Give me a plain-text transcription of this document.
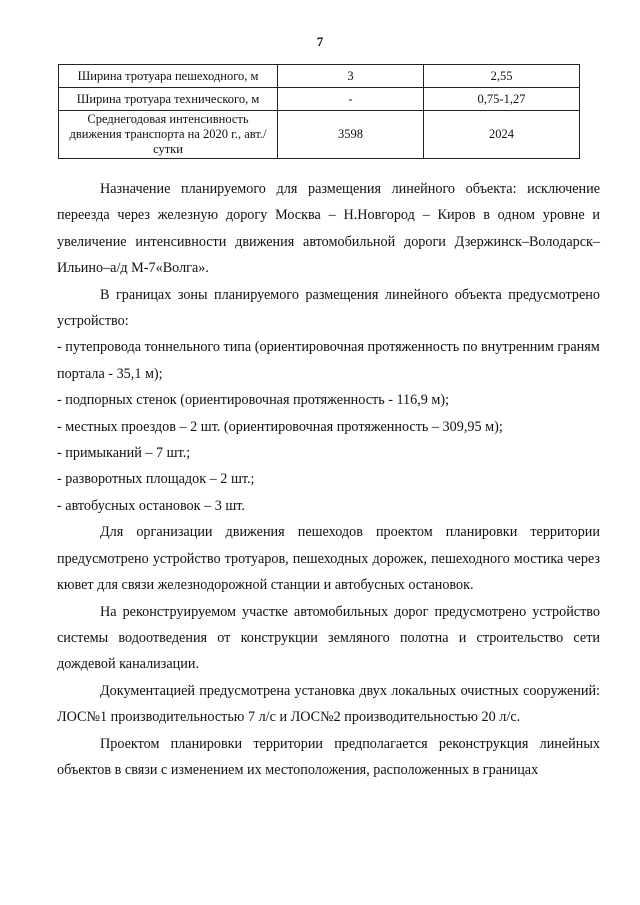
7
Ширина тротуара пешеходного, м	3	2,55
Ширина тротуара технического, м	-	0,75-1,27
Среднегодовая интенсивность движения транспорта на 2020 г., авт./сутки	3598	2024

Назначение планируемого для размещения линейного объекта: исключение переезда через железную дорогу Москва – Н.Новгород – Киров в одном уровне и увеличение интенсивности движения автомобильной дороги Дзержинск–Володарск–Ильино–а/д М-7«Волга».

В границах зоны планируемого размещения линейного объекта предусмотрено устройство:

- путепровода тоннельного типа (ориентировочная протяженность по внутренним граням портала - 35,1 м);

- подпорных стенок (ориентировочная протяженность - 116,9 м);

- местных проездов – 2 шт. (ориентировочная протяженность – 309,95 м);

- примыканий – 7 шт.;

- разворотных площадок – 2 шт.;

- автобусных остановок – 3 шт.

Для организации движения пешеходов проектом планировки территории предусмотрено устройство тротуаров, пешеходных дорожек, пешеходного мостика через кювет для связи железнодорожной станции и автобусных остановок.

На реконструируемом участке автомобильных дорог предусмотрено устройство системы водоотведения от конструкции земляного полотна и строительство сети дождевой канализации.

Документацией предусмотрена установка двух локальных очистных сооружений: ЛОС№1 производительностью 7 л/с и ЛОС№2 производительностью 20 л/с.

Проектом планировки территории предполагается реконструкция линейных объектов в связи с изменением их местоположения, расположенных в границах
